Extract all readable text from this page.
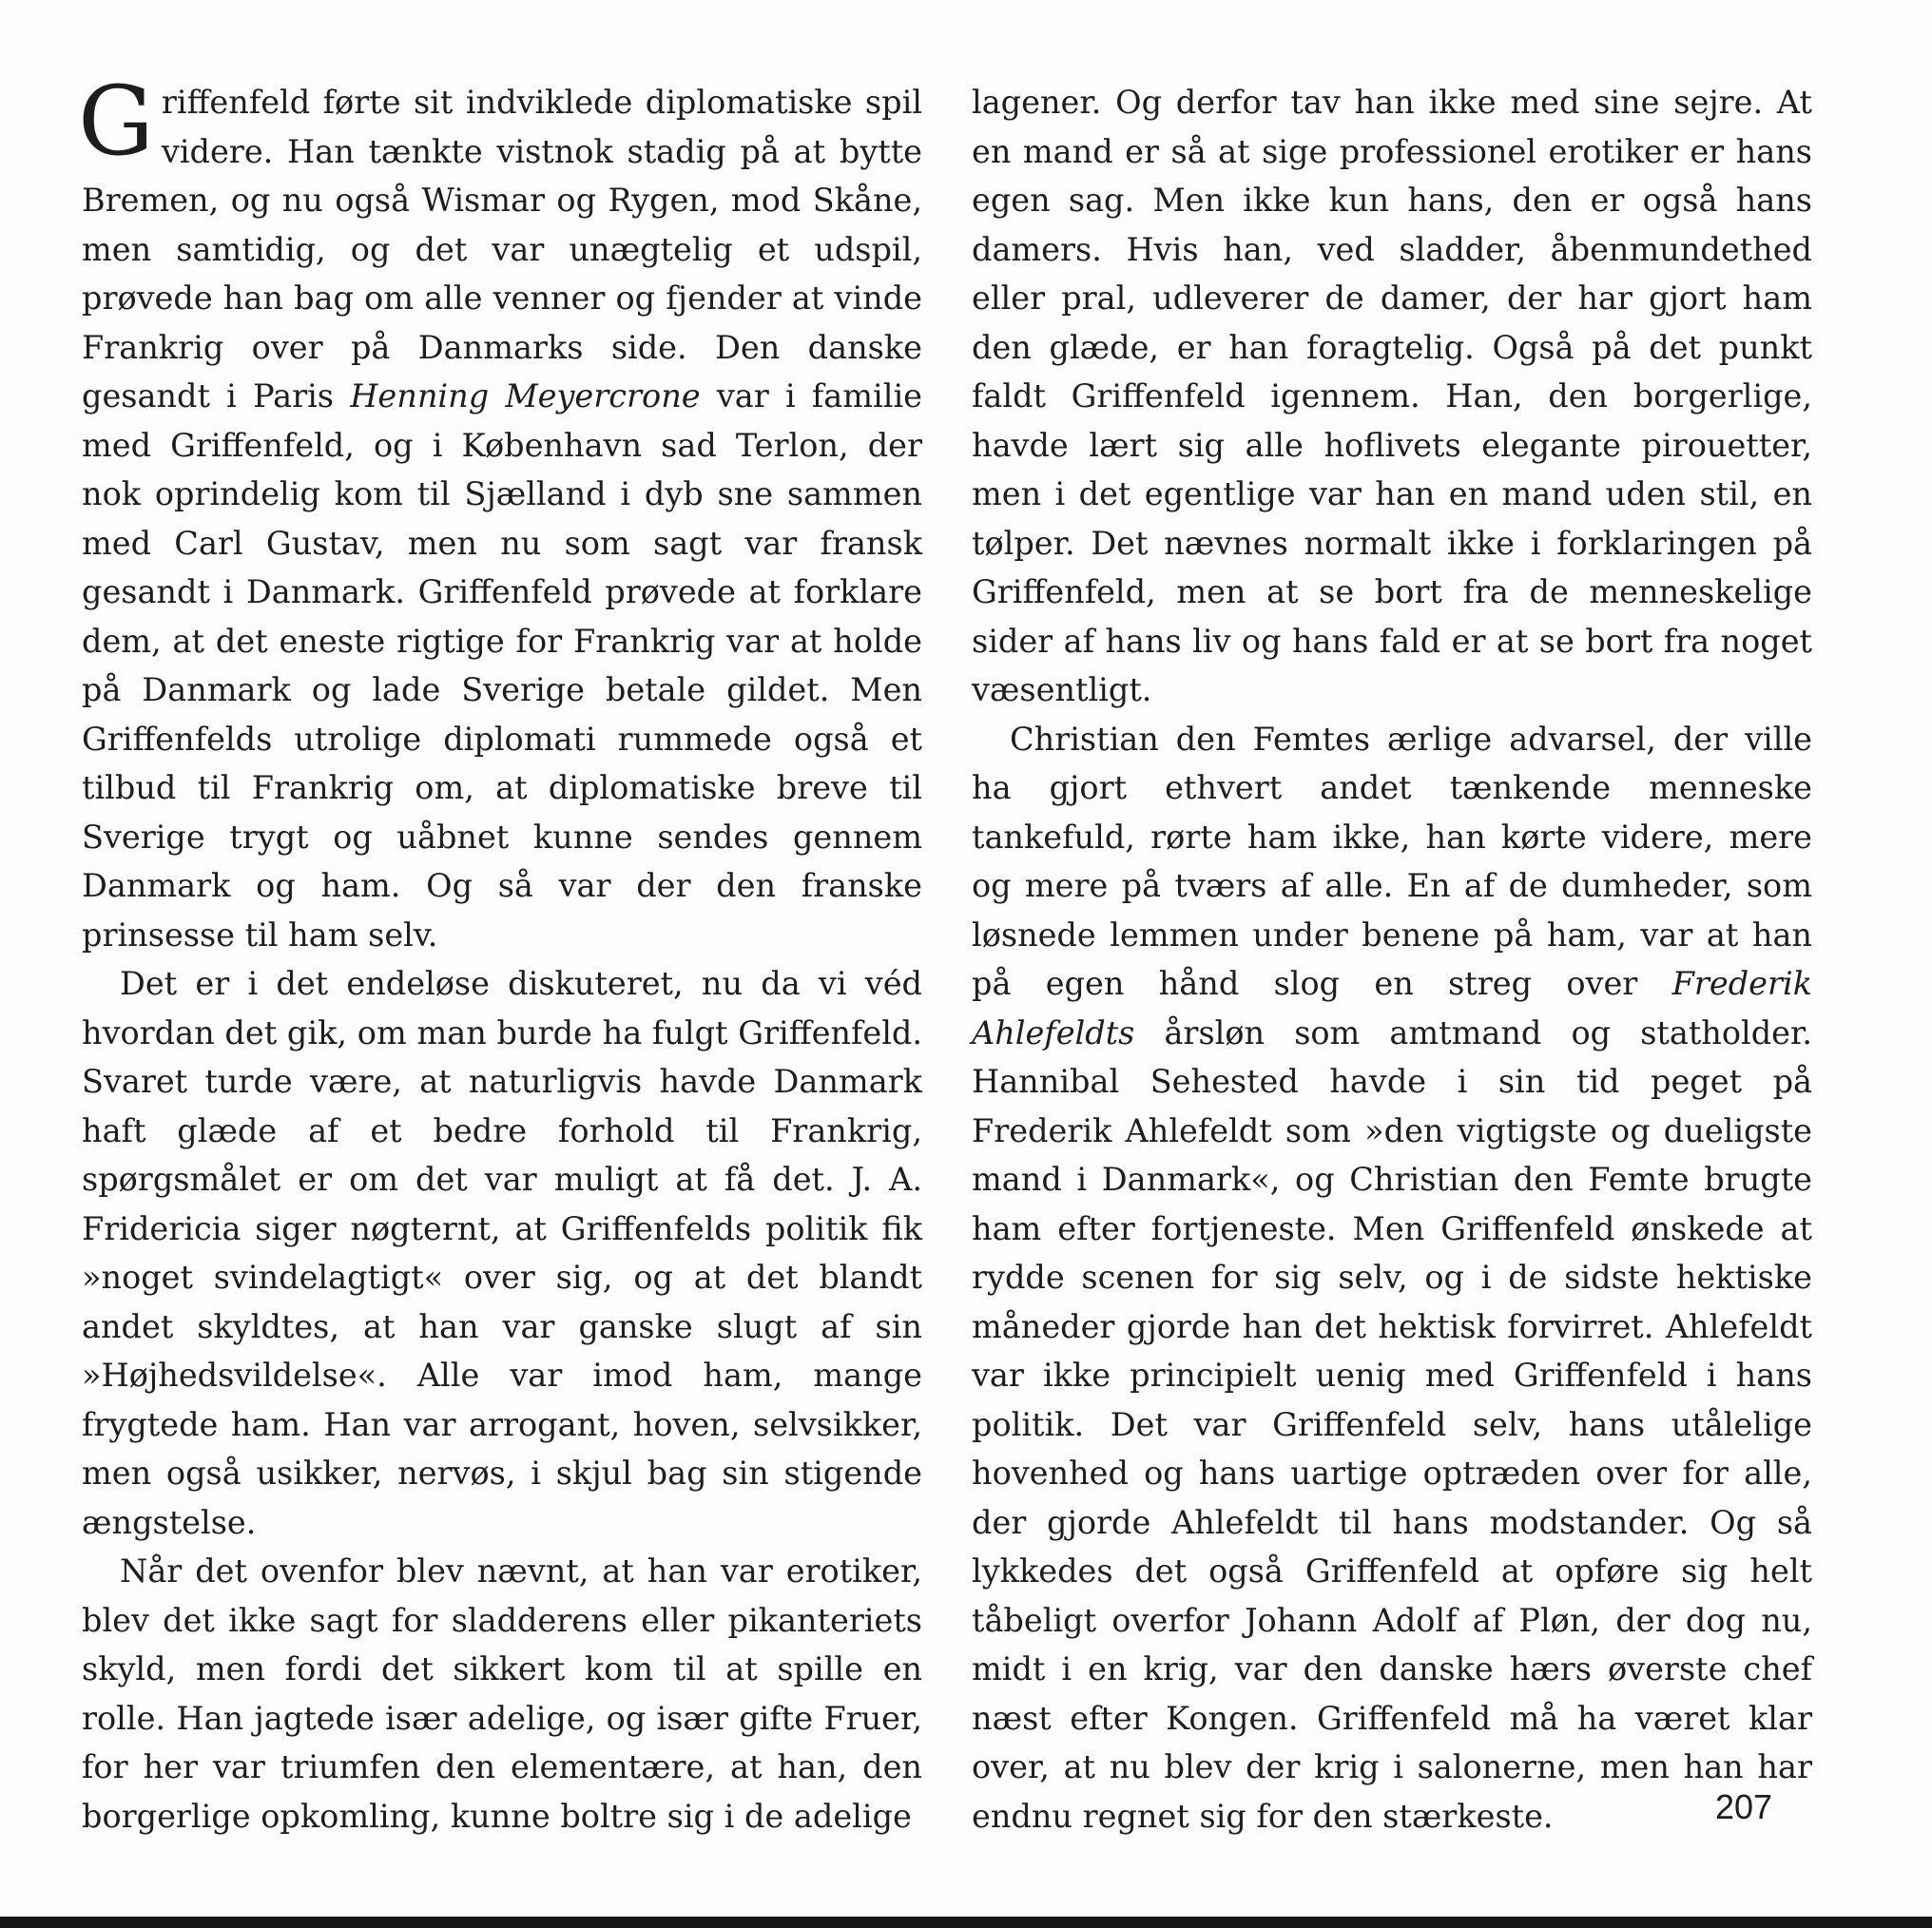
Griffenfeld førte sit indviklede diplomatiske spil videre. Han tænkte vistnok stadig på at bytte Bremen, og nu også Wismar og Rygen, mod Skåne, men samtidig, og det var unægtelig et udspil, prøvede han bag om alle venner og fjender at vinde Frankrig over på Danmarks side. Den danske gesandt i Paris Henning Meyercrone var i familie med Griffenfeld, og i København sad Terlon, der nok oprindelig kom til Sjælland i dyb sne sammen med Carl Gustav, men nu som sagt var fransk gesandt i Danmark. Griffenfeld prøvede at forklare dem, at det eneste rigtige for Frankrig var at holde på Danmark og lade Sverige betale gildet. Men Griffenfelds utrolige diplomati rummede også et tilbud til Frankrig om, at diplomatiske breve til Sverige trygt og uåbnet kunne sendes gennem Danmark og ham. Og så var der den franske prinsesse til ham selv.

Det er i det endeløse diskuteret, nu da vi véd hvordan det gik, om man burde ha fulgt Griffenfeld. Svaret turde være, at naturligvis havde Danmark haft glæde af et bedre forhold til Frankrig, spørgsmålet er om det var muligt at få det. J. A. Fridericia siger nøgternt, at Griffenfelds politik fik »noget svindelagtigt« over sig, og at det blandt andet skyldtes, at han var ganske slugt af sin »Højhedsvildelse«. Alle var imod ham, mange frygtede ham. Han var arrogant, hoven, selvsikker, men også usikker, nervøs, i skjul bag sin stigende ængstelse.

Når det ovenfor blev nævnt, at han var erotiker, blev det ikke sagt for sladderens eller pikanteriets skyld, men fordi det sikkert kom til at spille en rolle. Han jagtede især adelige, og især gifte Fruer, for her var triumfen den elementære, at han, den borgerlige opkomling, kunne boltre sig i de adelige

lagener. Og derfor tav han ikke med sine sejre. At en mand er så at sige professionel erotiker er hans egen sag. Men ikke kun hans, den er også hans damers. Hvis han, ved sladder, åbenmundethed eller pral, udleverer de damer, der har gjort ham den glæde, er han foragtelig. Også på det punkt faldt Griffenfeld igennem. Han, den borgerlige, havde lært sig alle hoflivets elegante pirouetter, men i det egentlige var han en mand uden stil, en tølper. Det nævnes normalt ikke i forklaringen på Griffenfeld, men at se bort fra de menneskelige sider af hans liv og hans fald er at se bort fra noget væsentligt.

Christian den Femtes ærlige advarsel, der ville ha gjort ethvert andet tænkende menneske tankefuld, rørte ham ikke, han kørte videre, mere og mere på tværs af alle. En af de dumheder, som løsnede lemmen under benene på ham, var at han på egen hånd slog en streg over Frederik Ahlefeldts årsløn som amtmand og statholder. Hannibal Sehested havde i sin tid peget på Frederik Ahlefeldt som »den vigtigste og dueligste mand i Danmark«, og Christian den Femte brugte ham efter fortjeneste. Men Griffenfeld ønskede at rydde scenen for sig selv, og i de sidste hektiske måneder gjorde han det hektisk forvirret. Ahlefeldt var ikke principielt uenig med Griffenfeld i hans politik. Det var Griffenfeld selv, hans utålelige hovenhed og hans uartige optræden over for alle, der gjorde Ahlefeldt til hans modstander. Og så lykkedes det også Griffenfeld at opføre sig helt tåbeligt overfor Johann Adolf af Pløn, der dog nu, midt i en krig, var den danske hærs øverste chef næst efter Kongen. Griffenfeld må ha været klar over, at nu blev der krig i salonerne, men han har endnu regnet sig for den stærkeste.	207
